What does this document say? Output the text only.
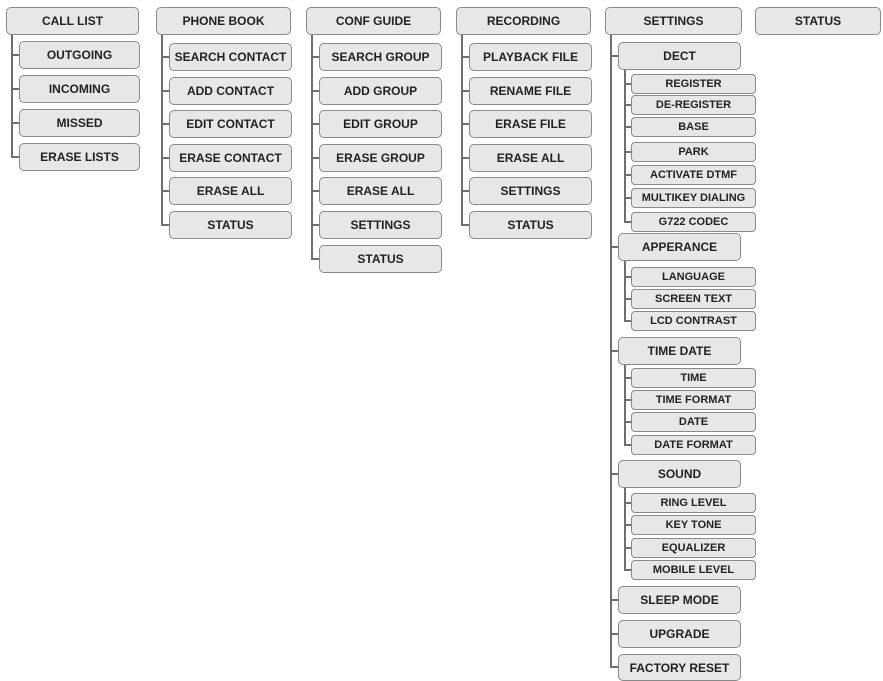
CALL LIST	PHONE BOOK	CONF GUIDE	RECORDING	SETTINGS	STATUS
OUTGOING
INCOMING
MISSED
ERASE LISTS
SEARCH CONTACT
ADD CONTACT
EDIT CONTACT
ERASE CONTACT
ERASE ALL
STATUS
SEARCH GROUP
ADD GROUP
EDIT GROUP
ERASE GROUP
ERASE ALL
SETTINGS
STATUS
PLAYBACK FILE
RENAME FILE
ERASE FILE
ERASE ALL
SETTINGS
STATUS
DECT
APPERANCE
TIME DATE
SOUND
SLEEP MODE
UPGRADE
FACTORY RESET
REGISTER
DE-REGISTER
BASE
PARK
ACTIVATE DTMF
MULTIKEY DIALING
G722 CODEC
LANGUAGE
SCREEN TEXT
LCD CONTRAST
TIME
TIME FORMAT
DATE
DATE FORMAT
RING LEVEL
KEY TONE
EQUALIZER
MOBILE LEVEL
